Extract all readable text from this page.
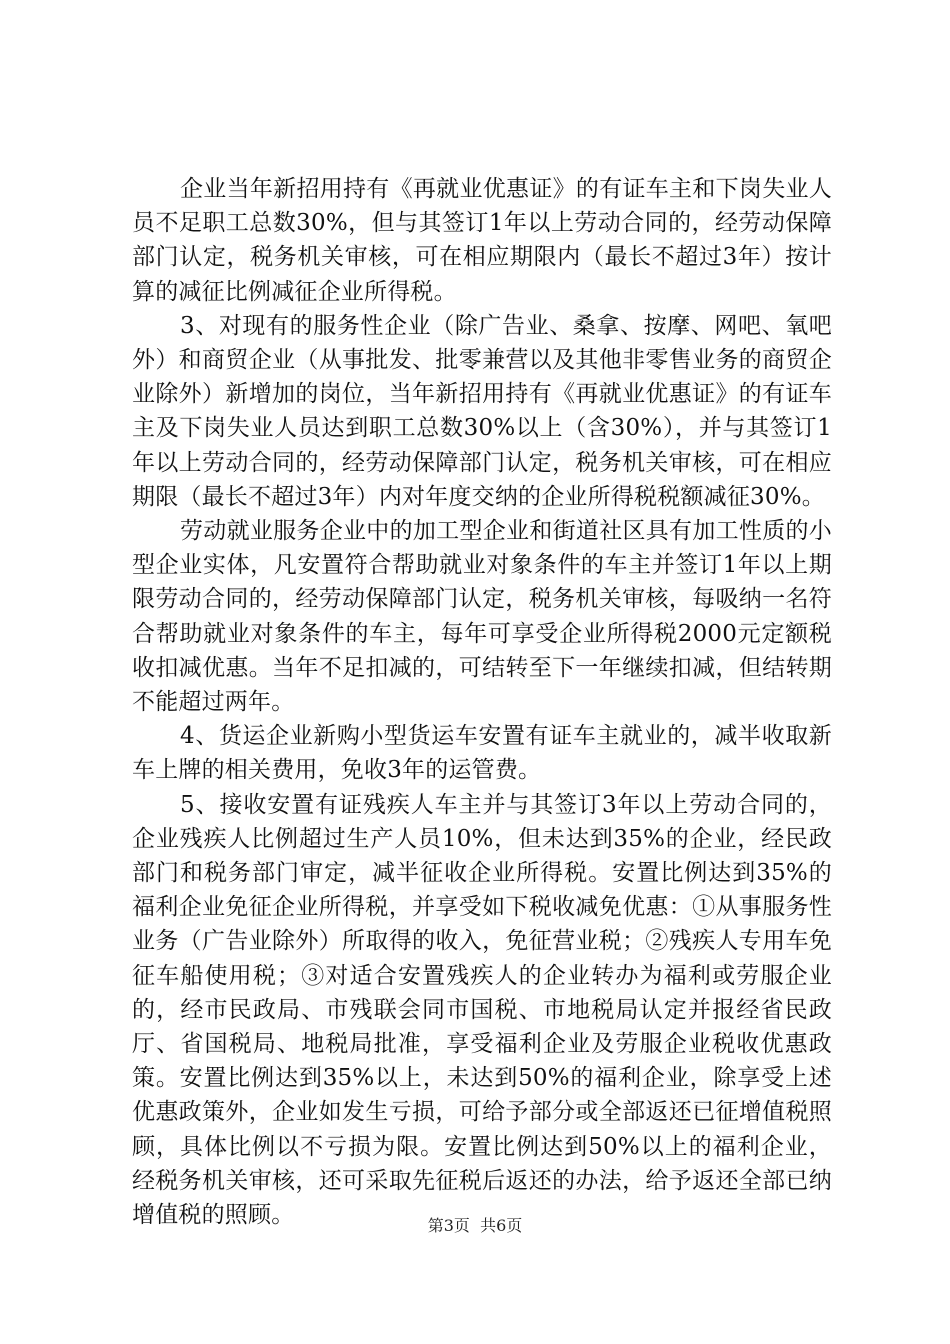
企业当年新招用持有《再就业优惠证》的有证车主和下岗失业人员不足职工总数30%，但与其签订1年以上劳动合同的，经劳动保障部门认定，税务机关审核，可在相应期限内（最长不超过3年）按计算的减征比例减征企业所得税。

3、对现有的服务性企业（除广告业、桑拿、按摩、网吧、氧吧外）和商贸企业（从事批发、批零兼营以及其他非零售业务的商贸企业除外）新增加的岗位，当年新招用持有《再就业优惠证》的有证车主及下岗失业人员达到职工总数30%以上（含30%），并与其签订1年以上劳动合同的，经劳动保障部门认定，税务机关审核，可在相应期限（最长不超过3年）内对年度交纳的企业所得税税额减征30%。

劳动就业服务企业中的加工型企业和街道社区具有加工性质的小型企业实体，凡安置符合帮助就业对象条件的车主并签订1年以上期限劳动合同的，经劳动保障部门认定，税务机关审核，每吸纳一名符合帮助就业对象条件的车主，每年可享受企业所得税2000元定额税收扣减优惠。当年不足扣减的，可结转至下一年继续扣减，但结转期不能超过两年。

4、货运企业新购小型货运车安置有证车主就业的，减半收取新车上牌的相关费用，免收3年的运管费。

5、接收安置有证残疾人车主并与其签订3年以上劳动合同的，企业残疾人比例超过生产人员10%，但未达到35%的企业，经民政部门和税务部门审定，减半征收企业所得税。安置比例达到35%的福利企业免征企业所得税，并享受如下税收减免优惠：①从事服务性业务（广告业除外）所取得的收入，免征营业税；②残疾人专用车免征车船使用税；③对适合安置残疾人的企业转办为福利或劳服企业的，经市民政局、市残联会同市国税、市地税局认定并报经省民政厅、省国税局、地税局批准，享受福利企业及劳服企业税收优惠政策。安置比例达到35%以上，未达到50%的福利企业，除享受上述优惠政策外，企业如发生亏损，可给予部分或全部返还已征增值税照顾，具体比例以不亏损为限。安置比例达到50%以上的福利企业，经税务机关审核，还可采取先征税后返还的办法，给予返还全部已纳增值税的照顾。	第3页 共6页
